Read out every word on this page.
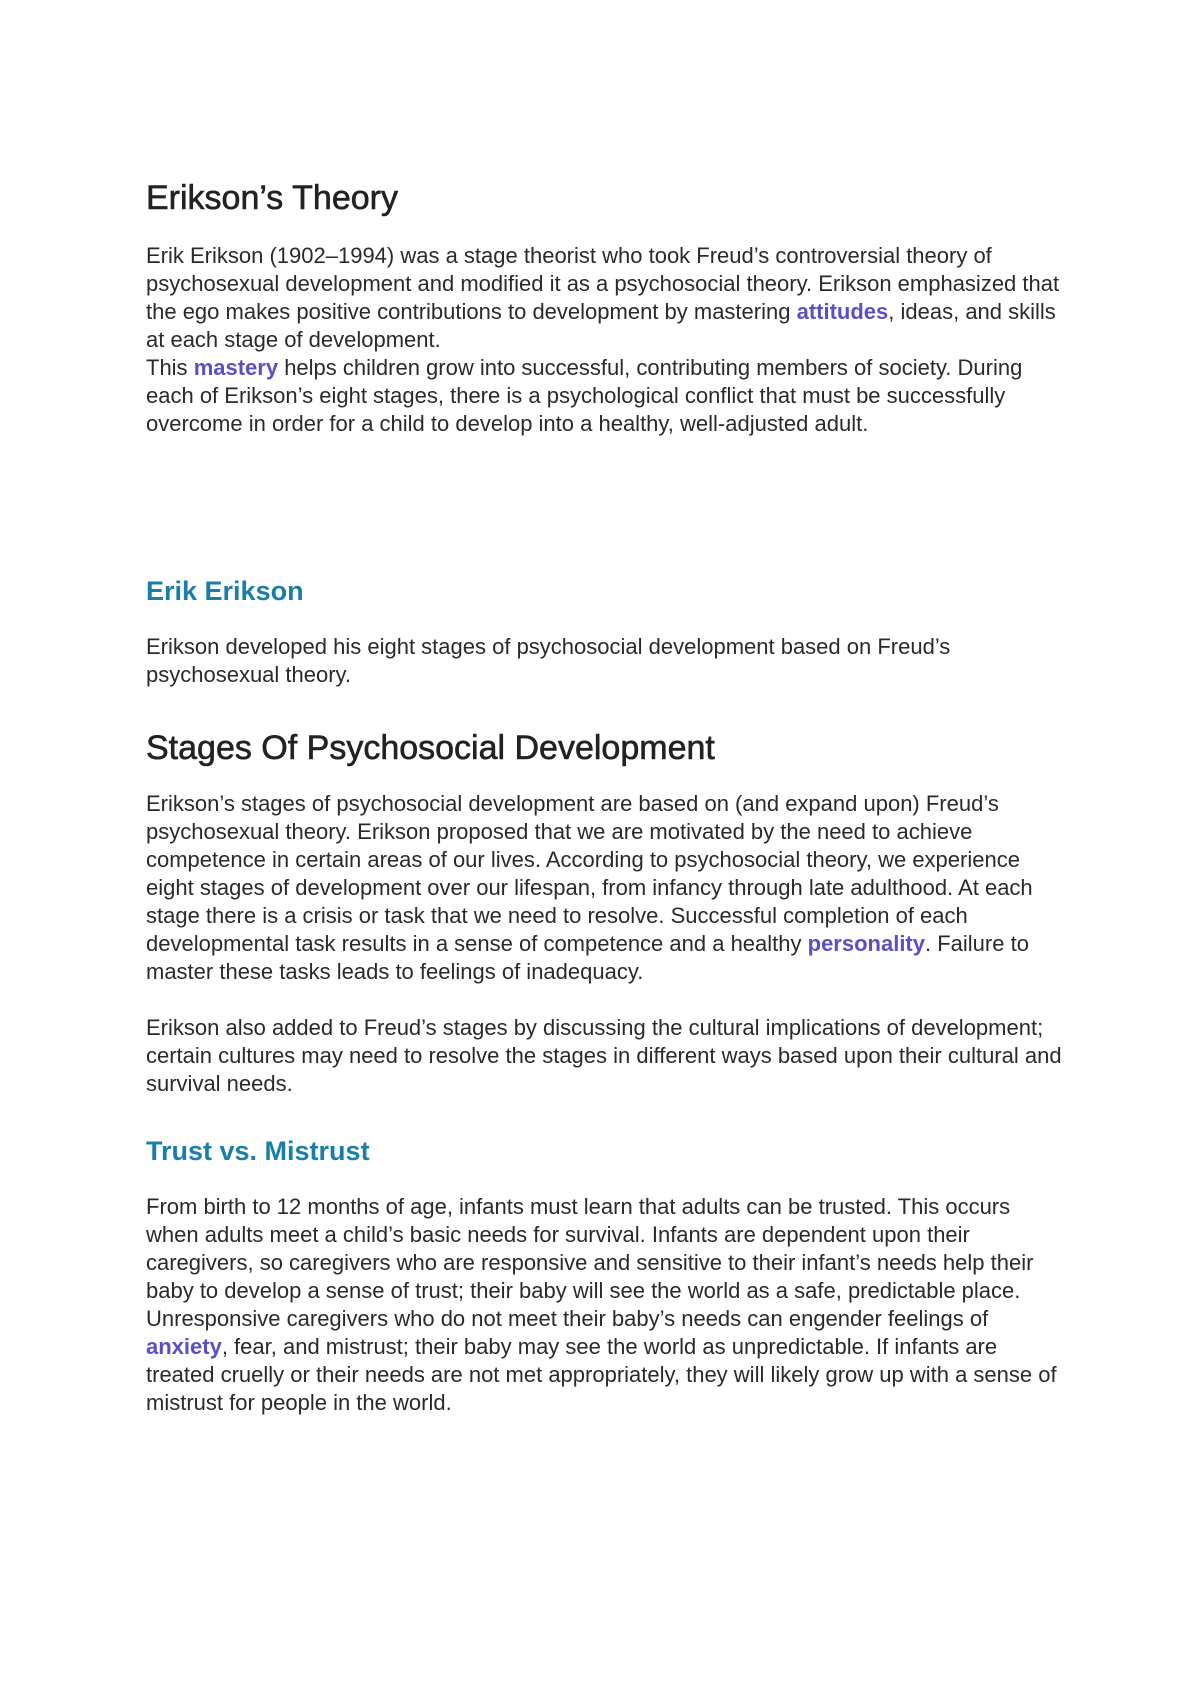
Erikson’s Theory

Erik Erikson (1902–1994) was a stage theorist who took Freud’s controversial theory of psychosexual development and modified it as a psychosocial theory. Erikson emphasized that the ego makes positive contributions to development by mastering attitudes, ideas, and skills at each stage of development.
This mastery helps children grow into successful, contributing members of society. During each of Erikson’s eight stages, there is a psychological conflict that must be successfully overcome in order for a child to develop into a healthy, well-adjusted adult.

Erik Erikson

Erikson developed his eight stages of psychosocial development based on Freud’s psychosexual theory.

Stages Of Psychosocial Development

Erikson’s stages of psychosocial development are based on (and expand upon) Freud’s psychosexual theory. Erikson proposed that we are motivated by the need to achieve competence in certain areas of our lives. According to psychosocial theory, we experience eight stages of development over our lifespan, from infancy through late adulthood. At each stage there is a crisis or task that we need to resolve. Successful completion of each developmental task results in a sense of competence and a healthy personality. Failure to master these tasks leads to feelings of inadequacy.

Erikson also added to Freud’s stages by discussing the cultural implications of development; certain cultures may need to resolve the stages in different ways based upon their cultural and survival needs.

Trust vs. Mistrust

From birth to 12 months of age, infants must learn that adults can be trusted. This occurs when adults meet a child’s basic needs for survival. Infants are dependent upon their caregivers, so caregivers who are responsive and sensitive to their infant’s needs help their baby to develop a sense of trust; their baby will see the world as a safe, predictable place. Unresponsive caregivers who do not meet their baby’s needs can engender feelings of anxiety, fear, and mistrust; their baby may see the world as unpredictable. If infants are treated cruelly or their needs are not met appropriately, they will likely grow up with a sense of mistrust for people in the world.
